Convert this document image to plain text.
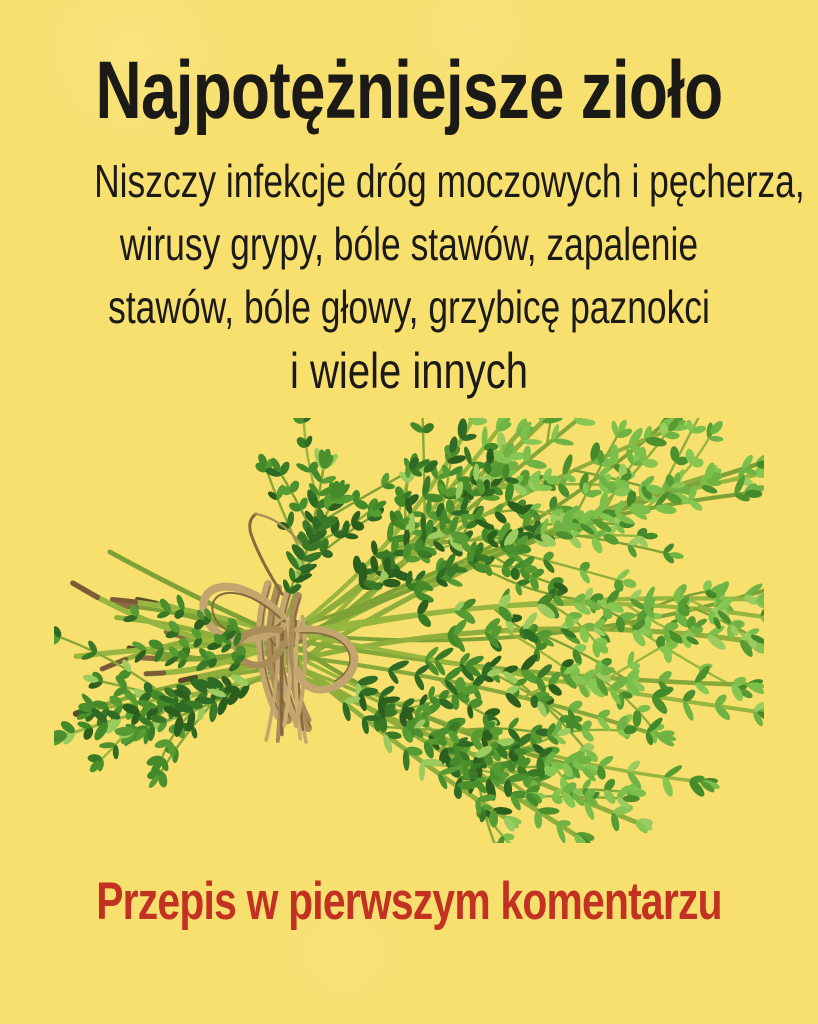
Najpotężniejsze zioło
Niszczy infekcje dróg moczowych i pęcherza,
wirusy grypy, bóle stawów, zapalenie
stawów, bóle głowy, grzybicę paznokci
i wiele innych
Przepis w pierwszym komentarzu
